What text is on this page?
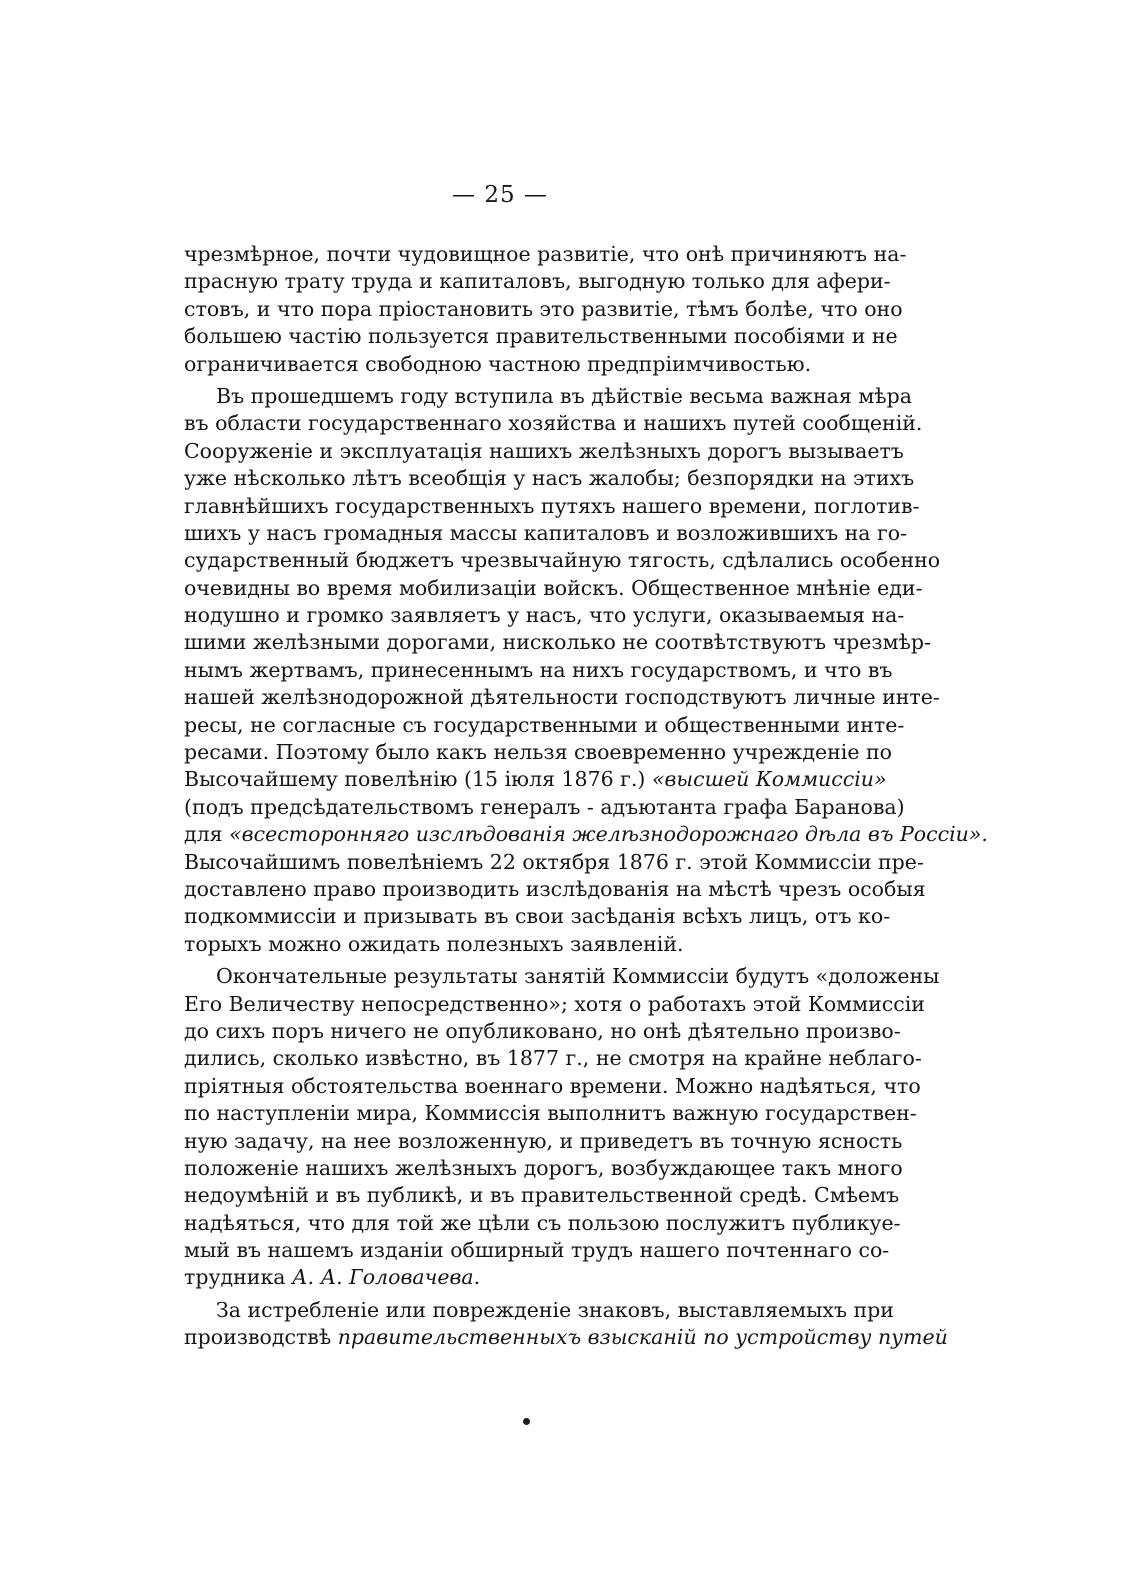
— 25 —
чрезмѣрное, почти чудовищное развитіе, что онѣ причиняютъ на-
прасную трату труда и капиталовъ, выгодную только для афери-
стовъ, и что пора пріостановить это развитіе, тѣмъ болѣе, что оно
большею частію пользуется правительственными пособіями и не
ограничивается свободною частною предпріимчивостью.
Въ прошедшемъ году вступила въ дѣйствіе весьма важная мѣра
въ области государственнаго хозяйства и нашихъ путей сообщеній.
Сооруженіе и эксплуатація нашихъ желѣзныхъ дорогъ вызываетъ
уже нѣсколько лѣтъ всеобщія у насъ жалобы; безпорядки на этихъ
главнѣйшихъ государственныхъ путяхъ нашего времени, поглотив-
шихъ у насъ громадныя массы капиталовъ и возложившихъ на го-
сударственный бюджетъ чрезвычайную тягость, сдѣлались особенно
очевидны во время мобилизаціи войскъ. Общественное мнѣніе еди-
нодушно и громко заявляетъ у насъ, что услуги, оказываемыя на-
шими желѣзными дорогами, нисколько не соотвѣтствуютъ чрезмѣр-
нымъ жертвамъ, принесеннымъ на нихъ государствомъ, и что въ
нашей желѣзнодорожной дѣятельности господствуютъ личные инте-
ресы, не согласные съ государственными и общественными инте-
ресами. Поэтому было какъ нельзя своевременно учрежденіе по
Высочайшему повелѣнію (15 іюля 1876 г.) «высшей Коммиссіи»
(подъ предсѣдательствомъ генералъ - адъютанта графа Баранова)
для «всесторонняго изслѣдованія желѣзнодорожнаго дѣла въ Россіи».
Высочайшимъ повелѣніемъ 22 октября 1876 г. этой Коммиссіи пре-
доставлено право производить изслѣдованія на мѣстѣ чрезъ особыя
подкоммиссіи и призывать въ свои засѣданія всѣхъ лицъ, отъ ко-
торыхъ можно ожидать полезныхъ заявленій.
Окончательные результаты занятій Коммиссіи будутъ «доложены
Его Величеству непосредственно»; хотя о работахъ этой Коммиссіи
до сихъ поръ ничего не опубликовано, но онѣ дѣятельно произво-
дились, сколько извѣстно, въ 1877 г., не смотря на крайне неблаго-
пріятныя обстоятельства военнаго времени. Можно надѣяться, что
по наступленіи мира, Коммиссія выполнитъ важную государствен-
ную задачу, на нее возложенную, и приведетъ въ точную ясность
положеніе нашихъ желѣзныхъ дорогъ, возбуждающее такъ много
недоумѣній и въ публикѣ, и въ правительственной средѣ. Смѣемъ
надѣяться, что для той же цѣли съ пользою послужитъ публикуе-
мый въ нашемъ изданіи обширный трудъ нашего почтеннаго со-
трудника А. А. Головачева.
За истребленіе или поврежденіе знаковъ, выставляемыхъ при
производствѣ правительственныхъ взысканій по устройству путей
